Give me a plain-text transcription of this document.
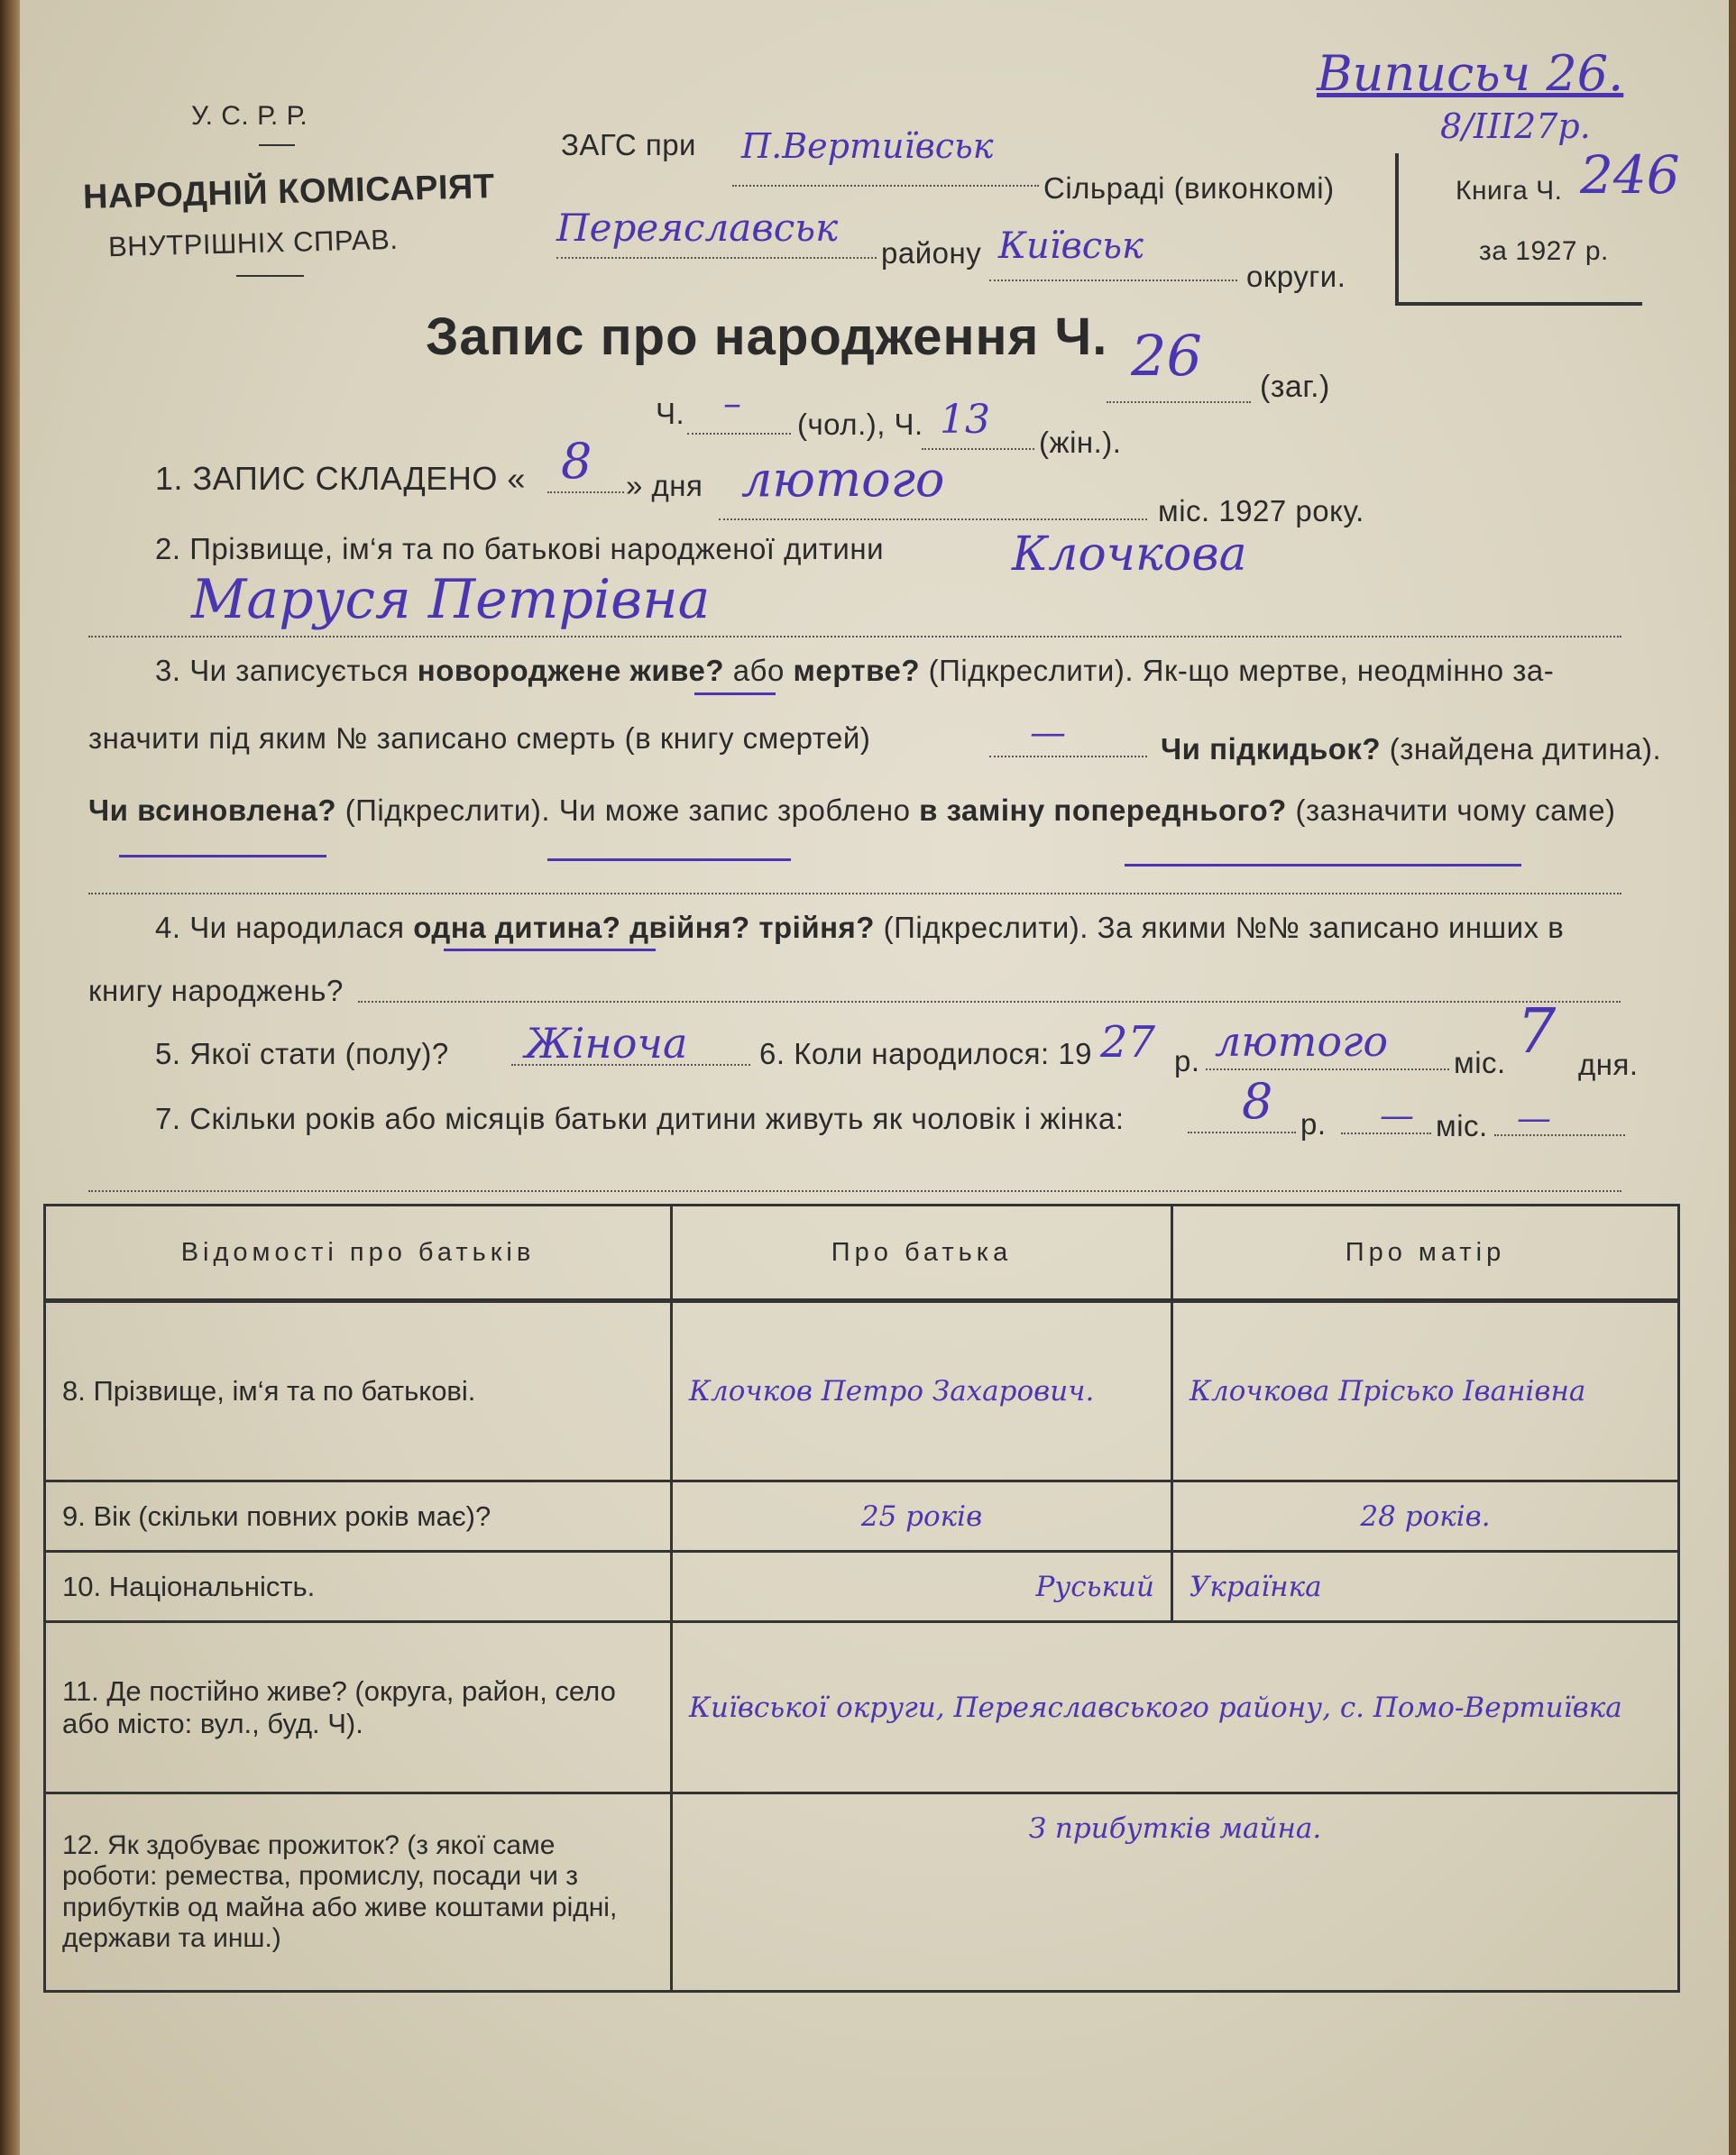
У. С. Р. Р.
НАРОДНІЙ КОМІСАРІЯТ
ВНУТРІШНІХ СПРАВ.
ЗАГС при П.Вертиївськ
Сільраді (виконкомі)
Переяславськ
району Київськ
округи.
Виписьч 26.
8/ІІІ27р.
Книга Ч. 246
за 1927 р.
Запис про народження Ч. 26 (заг.)
Ч. – (чол.), Ч. 13 (жін.).
1. ЗАПИС СКЛАДЕНО « 8 » дня лютого
міс. 1927 року.
2. Прізвище, ім‘я та по батькові народженої дитини	Клочкова
Маруся Петрівна
3. Чи записується новороджене живе? або мертве? (Підкреслити). Як-що мертве, неодмінно за-
значити під яким № записано смерть (в книгу смертей)	—	Чи підкидьок? (знайдена дитина).
Чи всиновлена? (Підкреслити). Чи може запис зроблено в заміну попереднього? (зазначити чому саме)
4. Чи народилася одна дитина? двійня? трійня? (Підкреслити). За якими №№ записано инших в
книгу народжень?
5. Якої стати (полу)? Жіноча 6. Коли народилося: 19 27 р. лютого міс. 7 дня.
7. Скільки років або місяців батьки дитини живуть як чоловік і жінка: 8 р. — міс. —
Відомості про батьків	Про батька	Про матір
8. Прізвище, ім‘я та по батькові.	Клочков Петро Захарович.	Клочкова Прісько Іванівна
9. Вік (скільки повних років має)?	25 років	28 років.
10. Національність.	Руський	Українка
11. Де постійно живе? (округа, район, село або місто: вул., буд. Ч).	Київської округи, Переяславського району, с. Помо-Вертиївка	
12. Як здобуває прожиток? (з якої саме роботи: ремества, промислу, посади чи з прибутків од майна або живе коштами рідні, держави та инш.)	З прибутків майна.	
